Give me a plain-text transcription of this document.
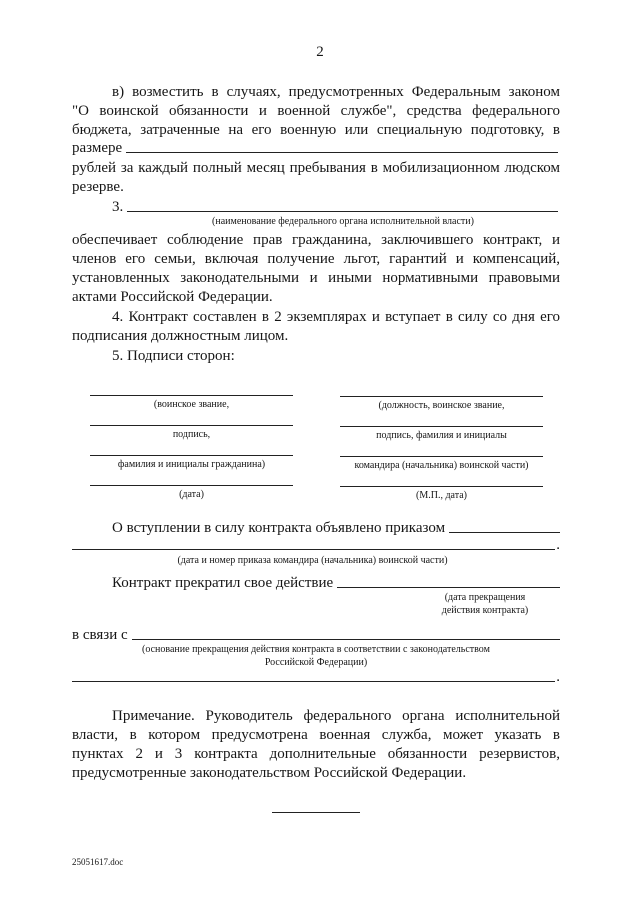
2
в) возместить в случаях, предусмотренных Федеральным законом
"О воинской обязанности и военной службе", средства федерального
бюджета, затраченные на его военную или специальную подготовку, в
размере
рублей за каждый полный месяц пребывания в мобилизационном людском
резерве.
3.
(наименование федерального органа исполнительной власти)
обеспечивает соблюдение прав гражданина, заключившего контракт, и
членов его семьи, включая получение льгот, гарантий и компенсаций,
установленных законодательными и иными нормативными правовыми
актами Российской Федерации.
4. Контракт составлен в 2 экземплярах и вступает в силу со дня его
подписания должностным лицом.
5. Подписи сторон:
(воинское звание,
подпись,
фамилия и инициалы гражданина)
(дата)
(должность, воинское звание,
подпись, фамилия и инициалы
командира (начальника) воинской части)
(М.П., дата)
О вступлении в силу контракта объявлено приказом
.
(дата и номер приказа командира (начальника) воинской части)
Контракт прекратил свое действие
(дата прекращения
действия контракта)
в связи с
(основание прекращения действия контракта в соответствии с законодательством
Российской Федерации)
.
Примечание. Руководитель федерального органа исполнительной
власти, в котором предусмотрена военная служба, может указать в
пунктах 2 и 3 контракта дополнительные обязанности резервистов,
предусмотренные законодательством Российской Федерации.
25051617.doc
